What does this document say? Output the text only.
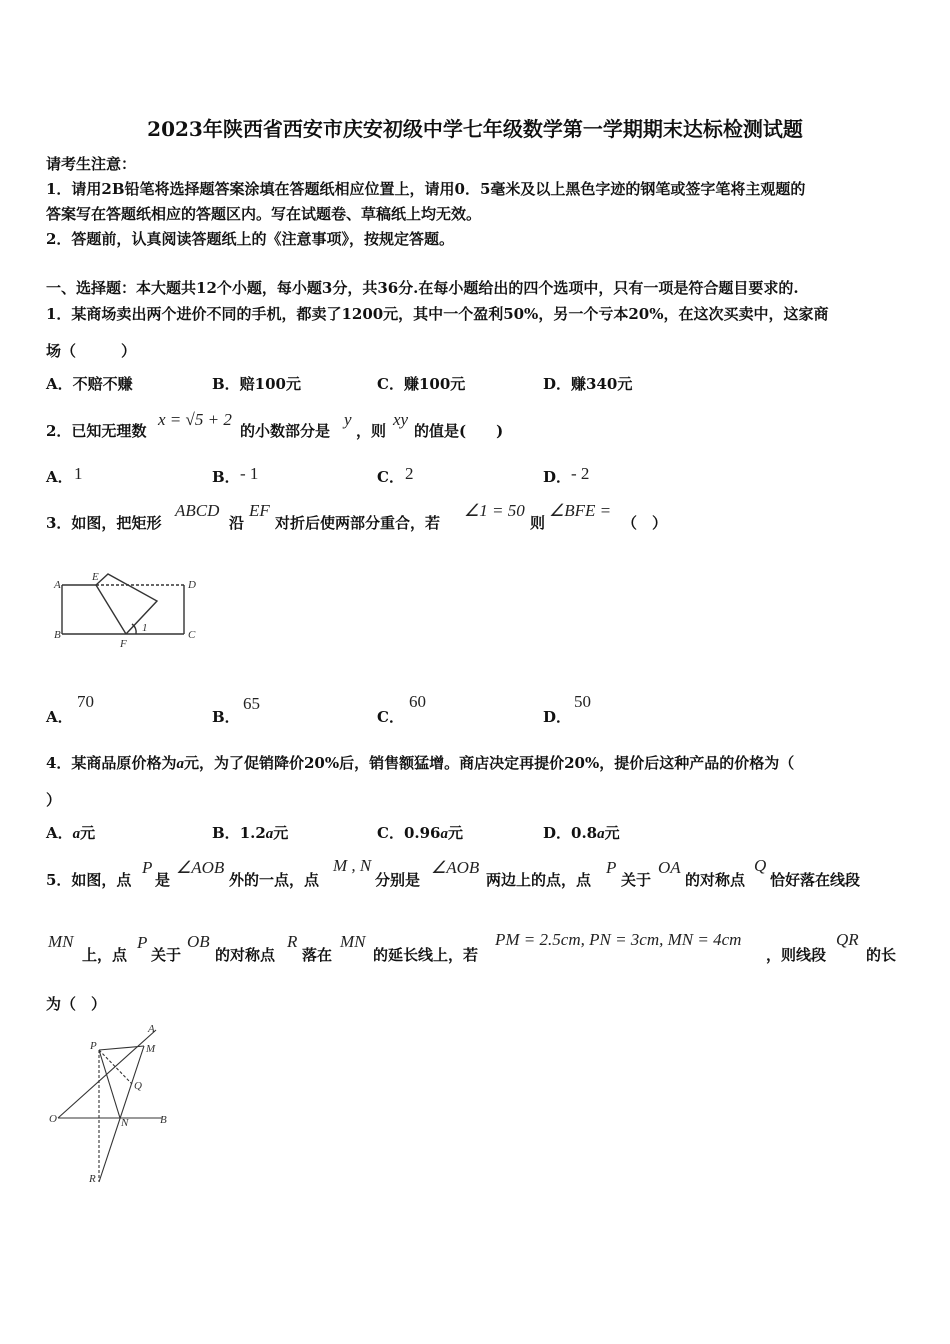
2023年陕西省西安市庆安初级中学七年级数学第一学期期末达标检测试题
请考生注意：
1．请用2B铅笔将选择题答案涂填在答题纸相应位置上，请用0．5毫米及以上黑色字迹的钢笔或签字笔将主观题的
答案写在答题纸相应的答题区内。写在试题卷、草稿纸上均无效。
2．答题前，认真阅读答题纸上的《注意事项》，按规定答题。
一、选择题：本大题共12个小题，每小题3分，共36分.在每小题给出的四个选项中，只有一项是符合题目要求的.
1．某商场卖出两个进价不同的手机，都卖了1200元，其中一个盈利50%，另一个亏本20%，在这次买卖中，这家商
场（　　　）
A．不赔不赚	B．赔100元	C．赚100元	D．赚340元
2．已知无理数
x = √5 + 2
的小数部分是
y
，则
xy
的值是(　　)
A． 1	B． - 1	C． 2	D． - 2
3．如图，把矩形
ABCD
沿
EF
对折后使两部分重合，若
∠1 = 50
则
∠BFE =
（　）
A
E
D
B
F
1
C
A．
70
B．
65
C．
60
D．
50
4．某商品原价格为a元，为了促销降价20%后，销售额猛增。商店决定再提价20%，提价后这种产品的价格为（
）
A．a元	B．1.2a元	C．0.96a元	D．0.8a元
5．如图，点
P
是
∠AOB
外的一点，点
M , N
分别是
∠AOB
两边上的点，点
P
关于
OA
的对称点
Q
恰好落在线段
MN
上，点
P
关于
OB
的对称点
R
落在
MN
的延长线上，若
PM = 2.5cm, PN = 3cm, MN = 4cm
，则线段
QR
的长
为（　）
A
P	M
Q
O	N	B
R
